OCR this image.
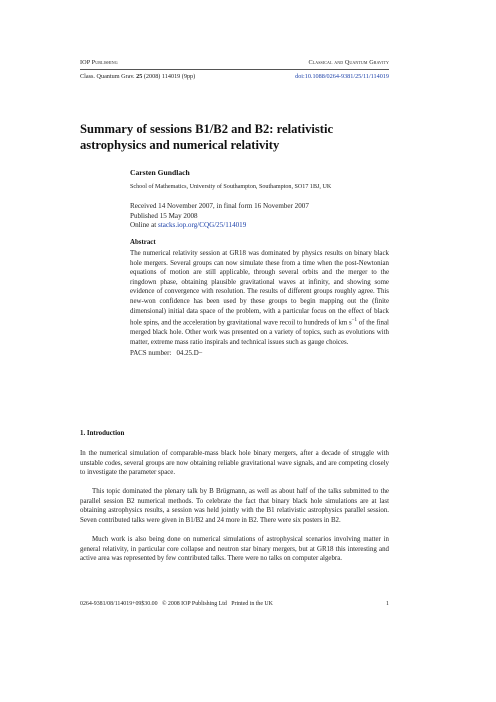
IOP Publishing	Classical and Quantum Gravity
Class. Quantum Grav. 25 (2008) 114019 (9pp)	doi:10.1088/0264-9381/25/11/114019
Summary of sessions B1/B2 and B2: relativistic astrophysics and numerical relativity
Carsten Gundlach
School of Mathematics, University of Southampton, Southampton, SO17 1BJ, UK
Received 14 November 2007, in final form 16 November 2007
Published 15 May 2008
Online at stacks.iop.org/CQG/25/114019
Abstract
The numerical relativity session at GR18 was dominated by physics results on binary black hole mergers. Several groups can now simulate these from a time when the post-Newtonian equations of motion are still applicable, through several orbits and the merger to the ringdown phase, obtaining plausible gravitational waves at infinity, and showing some evidence of convergence with resolution. The results of different groups roughly agree. This new-won confidence has been used by these groups to begin mapping out the (finite dimensional) initial data space of the problem, with a particular focus on the effect of black hole spins, and the acceleration by gravitational wave recoil to hundreds of km $s^{-1}$ of the final merged black hole. Other work was presented on a variety of topics, such as evolutions with matter, extreme mass ratio inspirals and technical issues such as gauge choices.
PACS number: 04.25.D−
1. Introduction
In the numerical simulation of comparable-mass black hole binary mergers, after a decade of struggle with unstable codes, several groups are now obtaining reliable gravitational wave signals, and are competing closely to investigate the parameter space.
This topic dominated the plenary talk by B Brügmann, as well as about half of the talks submitted to the parallel session B2 numerical methods. To celebrate the fact that binary black hole simulations are at last obtaining astrophysics results, a session was held jointly with the B1 relativistic astrophysics parallel session. Seven contributed talks were given in B1/B2 and 24 more in B2. There were six posters in B2.
Much work is also being done on numerical simulations of astrophysical scenarios involving matter in general relativity, in particular core collapse and neutron star binary mergers, but at GR18 this interesting and active area was represented by few contributed talks. There were no talks on computer algebra.
0264-9381/08/114019+09$30.00 © 2008 IOP Publishing Ltd Printed in the UK	1
